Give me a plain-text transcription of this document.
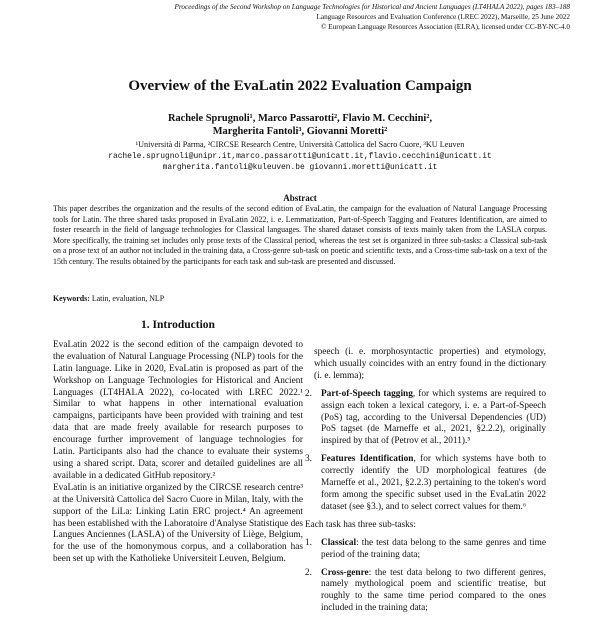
Proceedings of the Second Workshop on Language Technologies for Historical and Ancient Languages (LT4HALA 2022), pages 183–188
Language Resources and Evaluation Conference (LREC 2022), Marseille, 25 June 2022
© European Language Resources Association (ELRA), licensed under CC-BY-NC-4.0
Overview of the EvaLatin 2022 Evaluation Campaign
Rachele Sprugnoli¹, Marco Passarotti², Flavio M. Cecchini²,
Margherita Fantoli³, Giovanni Moretti²
¹Università di Parma, ²CIRCSE Research Centre, Università Cattolica del Sacro Cuore, ³KU Leuven
rachele.sprugnoli@unipr.it,marco.passarotti@unicatt.it,flavio.cecchini@unicatt.it
margherita.fantoli@kuleuven.be giovanni.moretti@unicatt.it
Abstract
This paper describes the organization and the results of the second edition of EvaLatin, the campaign for the evaluation of Natural Language Processing tools for Latin. The three shared tasks proposed in EvaLatin 2022, i. e. Lemmatization, Part-of-Speech Tagging and Features Identification, are aimed to foster research in the field of language technologies for Classical languages. The shared dataset consists of texts mainly taken from the LASLA corpus. More specifically, the training set includes only prose texts of the Classical period, whereas the test set is organized in three sub-tasks: a Classical sub-task on a prose text of an author not included in the training data, a Cross-genre sub-task on poetic and scientific texts, and a Cross-time sub-task on a text of the 15th century. The results obtained by the participants for each task and sub-task are presented and discussed.
Keywords: Latin, evaluation, NLP
1. Introduction

EvaLatin 2022 is the second edition of the campaign devoted to the evaluation of Natural Language Processing (NLP) tools for the Latin language. Like in 2020, EvaLatin is proposed as part of the Workshop on Language Technologies for Historical and Ancient Languages (LT4HALA 2022), co-located with LREC 2022.¹ Similar to what happens in other international evaluation campaigns, participants have been provided with training and test data that are made freely available for research purposes to encourage further improvement of language technologies for Latin. Participants also had the chance to evaluate their systems using a shared script. Data, scorer and detailed guidelines are all available in a dedicated GitHub repository.²

EvaLatin is an initiative organized by the CIRCSE research centre³ at the Università Cattolica del Sacro Cuore in Milan, Italy, with the support of the LiLa: Linking Latin ERC project.⁴ An agreement has been established with the Laboratoire d'Analyse Statistique des Langues Anciennes (LASLA) of the University of Liège, Belgium, for the use of the homonymous corpus, and a collaboration has been set up with the Katholieke Universiteit Leuven, Belgium.

speech (i. e. morphosyntactic properties) and etymology, which usually coincides with an entry found in the dictionary (i. e. lemma);

2. Part-of-Speech tagging, for which systems are required to assign each token a lexical category, i. e. a Part-of-Speech (PoS) tag, according to the Universal Dependencies (UD) PoS tagset (de Marneffe et al., 2021, §2.2.2), originally inspired by that of (Petrov et al., 2011).⁵
3. Features Identification, for which systems have both to correctly identify the UD morphological features (de Marneffe et al., 2021, §2.2.3) pertaining to the token's word form among the specific subset used in the EvaLatin 2022 dataset (see §3.), and to select correct values for them.⁶

Each task has three sub-tasks:

1. Classical: the test data belong to the same genres and time period of the training data;
2. Cross-genre: the test data belong to two different genres, namely mythological poem and scientific treatise, but roughly to the same time period compared to the ones included in the training data;
